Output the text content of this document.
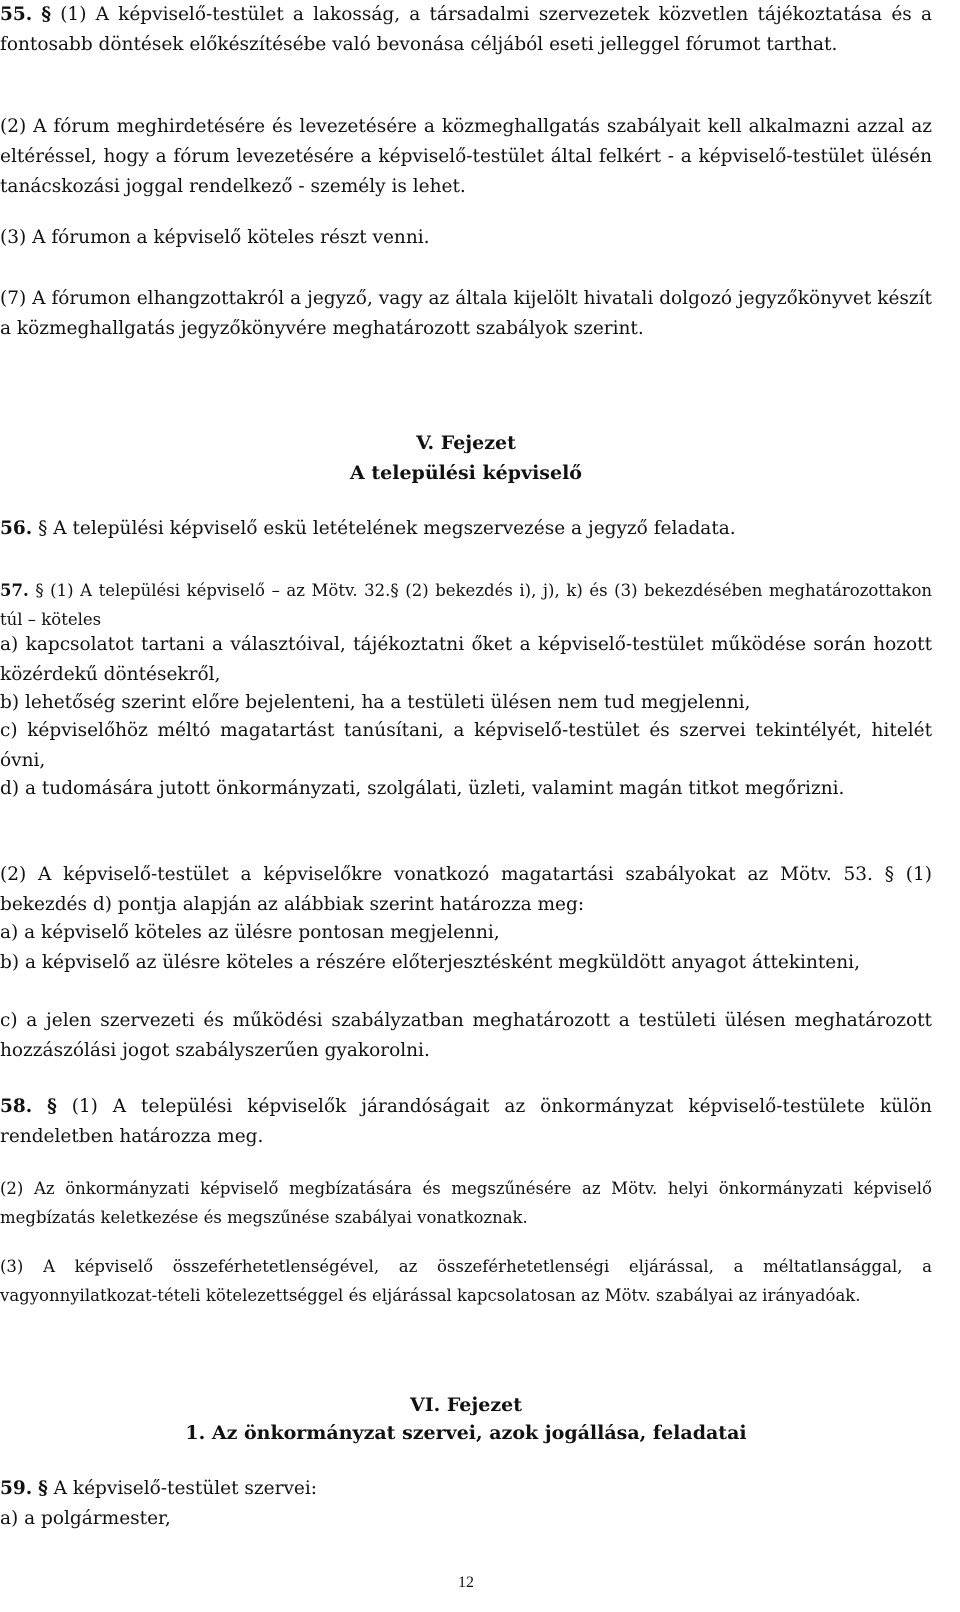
55. § (1) A képviselő-testület a lakosság, a társadalmi szervezetek közvetlen tájékoztatása és a fontosabb döntések előkészítésébe való bevonása céljából eseti jelleggel fórumot tarthat.

(2) A fórum meghirdetésére és levezetésére a közmeghallgatás szabályait kell alkalmazni azzal az eltéréssel, hogy a fórum levezetésére a képviselő-testület által felkért - a képviselő-testület ülésén tanácskozási joggal rendelkező - személy is lehet.

(3) A fórumon a képviselő köteles részt venni.

(7) A fórumon elhangzottakról a jegyző, vagy az általa kijelölt hivatali dolgozó jegyzőkönyvet készít a közmeghallgatás jegyzőkönyvére meghatározott szabályok szerint.

V. Fejezet

A települési képviselő

56. § A települési képviselő eskü letételének megszervezése a jegyző feladata.

57. § (1) A települési képviselő – az Mötv. 32.§ (2) bekezdés i), j), k) és (3) bekezdésében meghatározottakon túl – köteles

a) kapcsolatot tartani a választóival, tájékoztatni őket a képviselő-testület működése során hozott közérdekű döntésekről,

b) lehetőség szerint előre bejelenteni, ha a testületi ülésen nem tud megjelenni,

c) képviselőhöz méltó magatartást tanúsítani, a képviselő-testület és szervei tekintélyét, hitelét óvni,

d) a tudomására jutott önkormányzati, szolgálati, üzleti, valamint magán titkot megőrizni.

(2) A képviselő-testület a képviselőkre vonatkozó magatartási szabályokat az Mötv. 53. § (1) bekezdés d) pontja alapján az alábbiak szerint határozza meg:

a) a képviselő köteles az ülésre pontosan megjelenni,

b) a képviselő az ülésre köteles a részére előterjesztésként megküldött anyagot áttekinteni,

c) a jelen szervezeti és működési szabályzatban meghatározott a testületi ülésen meghatározott hozzászólási jogot szabályszerűen gyakorolni.

58. § (1) A települési képviselők járandóságait az önkormányzat képviselő-testülete külön rendeletben határozza meg.

(2) Az önkormányzati képviselő megbízatására és megszűnésére az Mötv. helyi önkormányzati képviselő megbízatás keletkezése és megszűnése szabályai vonatkoznak.

(3) A képviselő összeférhetetlenségével, az összeférhetetlenségi eljárással, a méltatlansággal, a vagyonnyilatkozat-tételi kötelezettséggel és eljárással kapcsolatosan az Mötv. szabályai az irányadóak.

VI. Fejezet

1. Az önkormányzat szervei, azok jogállása, feladatai

59. § A képviselő-testület szervei:

a) a polgármester,

12
